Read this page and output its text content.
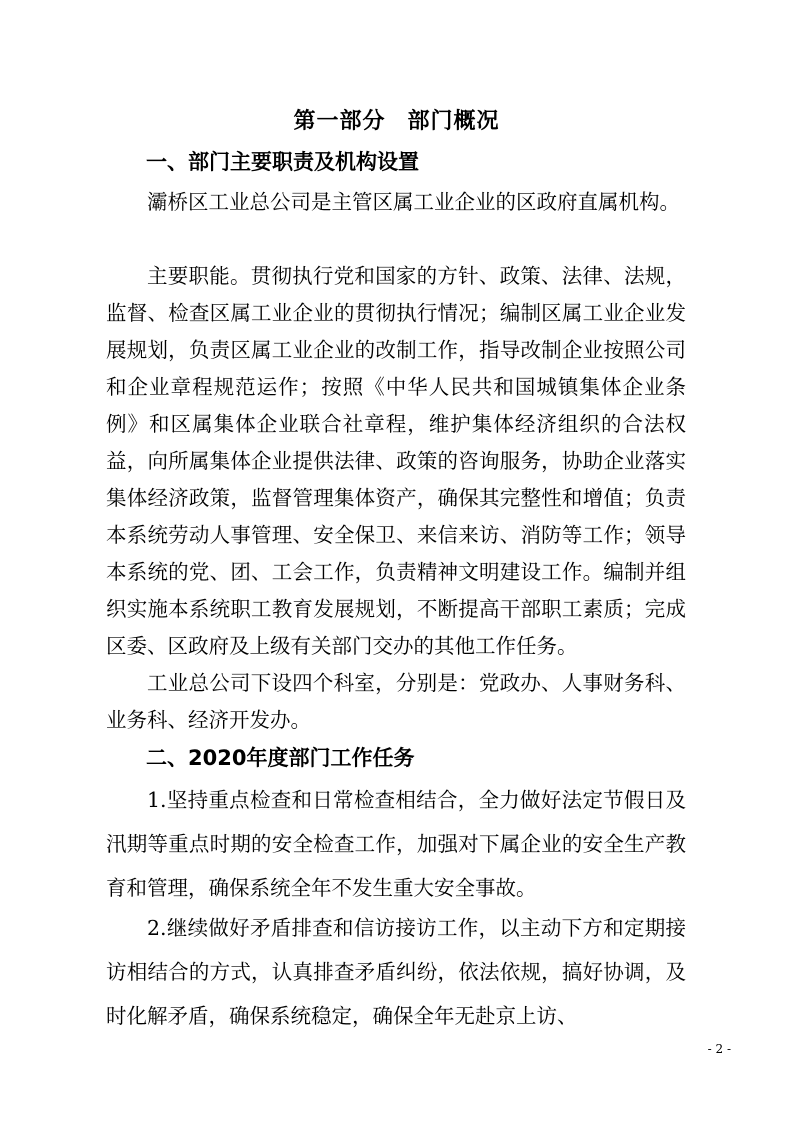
第一部分 部门概况
一、部门主要职责及机构设置

灞桥区工业总公司是主管区属工业企业的区政府直属机构。

主要职能。贯彻执行党和国家的方针、政策、法律、法规，监督、检查区属工业企业的贯彻执行情况；编制区属工业企业发展规划，负责区属工业企业的改制工作，指导改制企业按照公司和企业章程规范运作；按照《中华人民共和国城镇集体企业条例》和区属集体企业联合社章程，维护集体经济组织的合法权益，向所属集体企业提供法律、政策的咨询服务，协助企业落实集体经济政策，监督管理集体资产，确保其完整性和增值；负责本系统劳动人事管理、安全保卫、来信来访、消防等工作；领导本系统的党、团、工会工作，负责精神文明建设工作。编制并组织实施本系统职工教育发展规划，不断提高干部职工素质；完成区委、区政府及上级有关部门交办的其他工作任务。

工业总公司下设四个科室，分别是：党政办、人事财务科、业务科、经济开发办。

二、2020年度部门工作任务

1.坚持重点检查和日常检查相结合，全力做好法定节假日及汛期等重点时期的安全检查工作，加强对下属企业的安全生产教育和管理，确保系统全年不发生重大安全事故。

2.继续做好矛盾排查和信访接访工作，以主动下方和定期接访相结合的方式，认真排查矛盾纠纷，依法依规，搞好协调，及时化解矛盾，确保系统稳定，确保全年无赴京上访、

- 2 -
